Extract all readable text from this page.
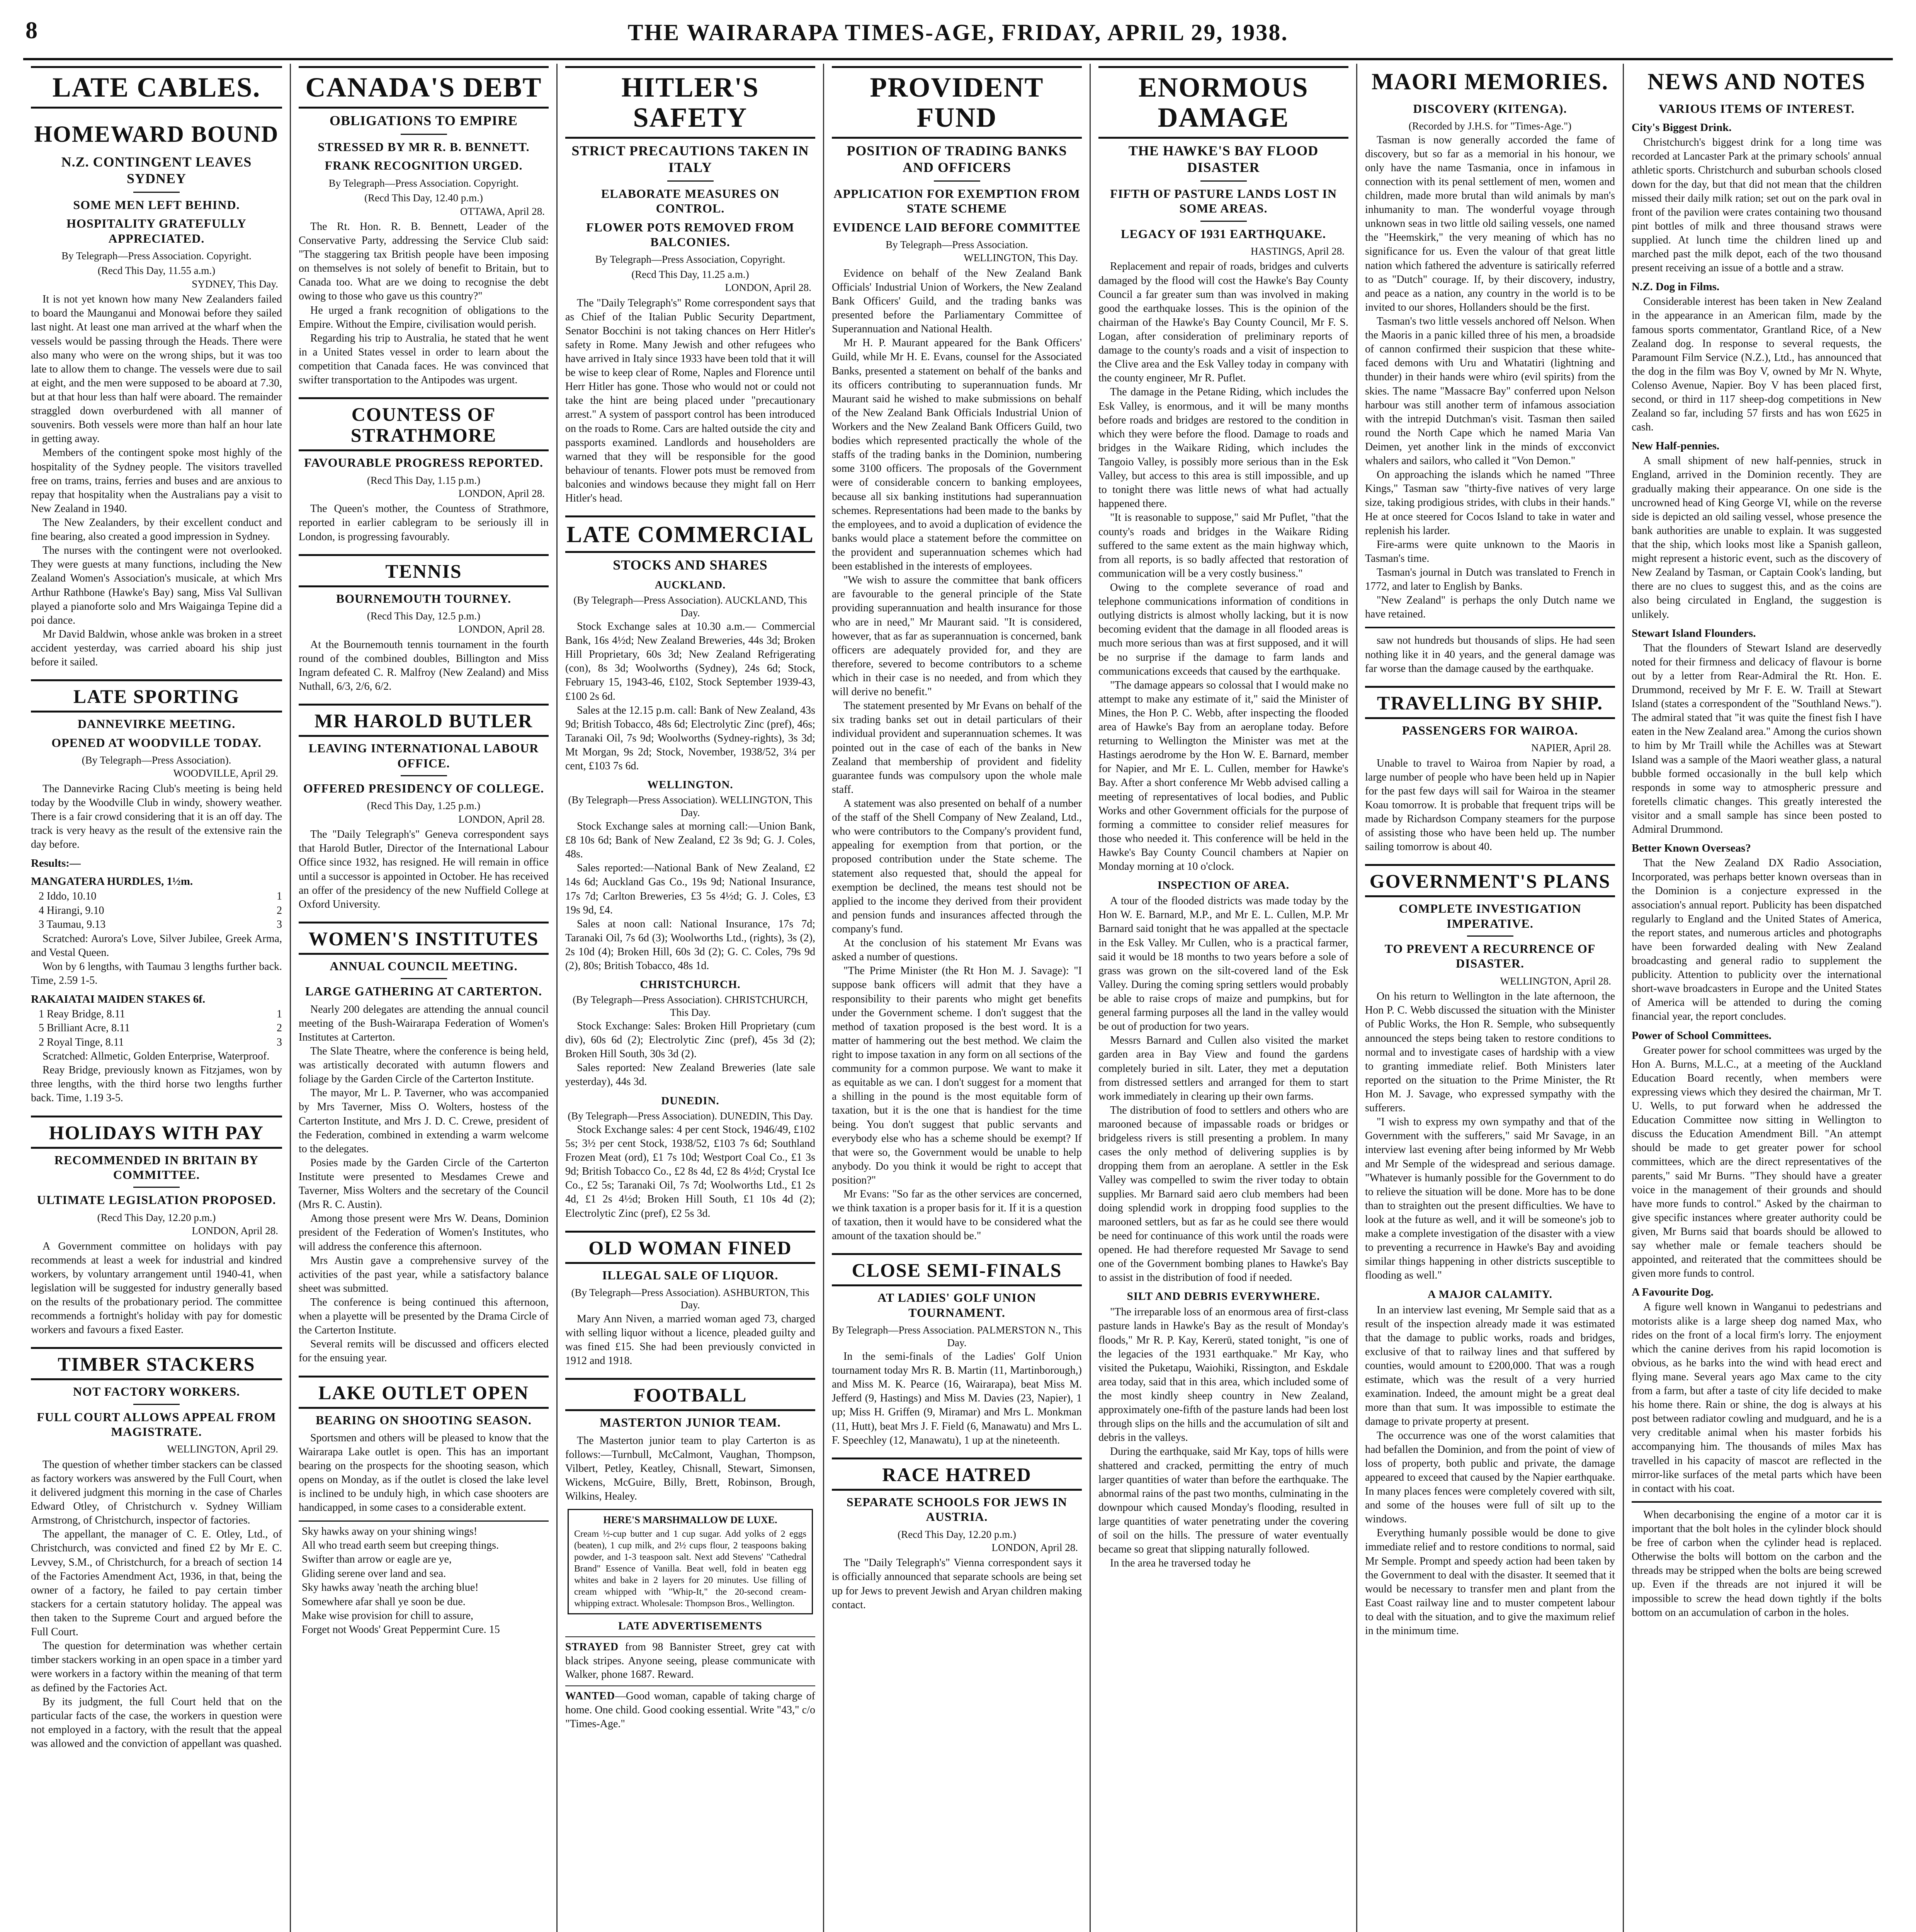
8	THE WAIRARAPA TIMES-AGE, FRIDAY, APRIL 29, 1938.
LATE CABLES.
HOMEWARD BOUND
N.Z. CONTINGENT LEAVES SYDNEY
SOME MEN LEFT BEHIND.
HOSPITALITY GRATEFULLY APPRECIATED.
By Telegraph—Press Association. Copyright.
(Recd This Day, 11.55 a.m.)
SYDNEY, This Day.

It is not yet known how many New Zealanders failed to board the Maunganui and Monowai before they sailed last night. At least one man arrived at the wharf when the vessels would be passing through the Heads. There were also many who were on the wrong ships, but it was too late to allow them to change. The vessels were due to sail at eight, and the men were supposed to be aboard at 7.30, but at that hour less than half were aboard. The remainder straggled down overburdened with all manner of souvenirs. Both vessels were more than half an hour late in getting away.

Members of the contingent spoke most highly of the hospitality of the Sydney people. The visitors travelled free on trams, trains, ferries and buses and are anxious to repay that hospitality when the Australians pay a visit to New Zealand in 1940.

The New Zealanders, by their excellent conduct and fine bearing, also created a good impression in Sydney.

The nurses with the contingent were not overlooked. They were guests at many functions, including the New Zealand Women's Association's musicale, at which Mrs Arthur Rathbone (Hawke's Bay) sang, Miss Val Sullivan played a pianoforte solo and Mrs Waigainga Tepine did a poi dance.

Mr David Baldwin, whose ankle was broken in a street accident yesterday, was carried aboard his ship just before it sailed.

LATE SPORTING
DANNEVIRKE MEETING.
OPENED AT WOODVILLE TODAY.
(By Telegraph—Press Association).
WOODVILLE, April 29.

The Dannevirke Racing Club's meeting is being held today by the Woodville Club in windy, showery weather. There is a fair crowd considering that it is an off day. The track is very heavy as the result of the extensive rain the day before.

Results:—
MANGATERA HURDLES, 1½m.
2 Iddo, 10.10	1
4 Hirangi, 9.10	2
3 Taumau, 9.13	3

Scratched: Aurora's Love, Silver Jubilee, Greek Arma, and Vestal Queen.

Won by 6 lengths, with Taumau 3 lengths further back. Time, 2.59 1-5.

RAKAIATAI MAIDEN STAKES 6f.
1 Reay Bridge, 8.11	1
5 Brilliant Acre, 8.11	2
2 Royal Tinge, 8.11	3

Scratched: Allmetic, Golden Enterprise, Waterproof.

Reay Bridge, previously known as Fitzjames, won by three lengths, with the third horse two lengths further back. Time, 1.19 3-5.

HOLIDAYS WITH PAY
RECOMMENDED IN BRITAIN BY COMMITTEE.
ULTIMATE LEGISLATION PROPOSED.
(Recd This Day, 12.20 p.m.)
LONDON, April 28.

A Government committee on holidays with pay recommends at least a week for industrial and kindred workers, by voluntary arrangement until 1940-41, when legislation will be suggested for industry generally based on the results of the probationary period. The committee recommends a fortnight's holiday with pay for domestic workers and favours a fixed Easter.

TIMBER STACKERS
NOT FACTORY WORKERS.
FULL COURT ALLOWS APPEAL FROM MAGISTRATE.
WELLINGTON, April 29.

The question of whether timber stackers can be classed as factory workers was answered by the Full Court, when it delivered judgment this morning in the case of Charles Edward Otley, of Christchurch v. Sydney William Armstrong, of Christchurch, inspector of factories.

The appellant, the manager of C. E. Otley, Ltd., of Christchurch, was convicted and fined £2 by Mr E. C. Levvey, S.M., of Christchurch, for a breach of section 14 of the Factories Amendment Act, 1936, in that, being the owner of a factory, he failed to pay certain timber stackers for a certain statutory holiday. The appeal was then taken to the Supreme Court and argued before the Full Court.

The question for determination was whether certain timber stackers working in an open space in a timber yard were workers in a factory within the meaning of that term as defined by the Factories Act.

By its judgment, the full Court held that on the particular facts of the case, the workers in question were not employed in a factory, with the result that the appeal was allowed and the conviction of appellant was quashed.

CANADA'S DEBT
OBLIGATIONS TO EMPIRE
STRESSED BY MR R. B. BENNETT.
FRANK RECOGNITION URGED.
By Telegraph—Press Association. Copyright.
(Recd This Day, 12.40 p.m.)
OTTAWA, April 28.

The Rt. Hon. R. B. Bennett, Leader of the Conservative Party, addressing the Service Club said: "The staggering tax British people have been imposing on themselves is not solely of benefit to Britain, but to Canada too. What are we doing to recognise the debt owing to those who gave us this country?"

He urged a frank recognition of obligations to the Empire. Without the Empire, civilisation would perish.

Regarding his trip to Australia, he stated that he went in a United States vessel in order to learn about the competition that Canada faces. He was convinced that swifter transportation to the Antipodes was urgent.

COUNTESS OF STRATHMORE
FAVOURABLE PROGRESS REPORTED.
(Recd This Day, 1.15 p.m.)
LONDON, April 28.

The Queen's mother, the Countess of Strathmore, reported in earlier cablegram to be seriously ill in London, is progressing favourably.

TENNIS
BOURNEMOUTH TOURNEY.
(Recd This Day, 12.5 p.m.)
LONDON, April 28.

At the Bournemouth tennis tournament in the fourth round of the combined doubles, Billington and Miss Ingram defeated C. R. Malfroy (New Zealand) and Miss Nuthall, 6/3, 2/6, 6/2.

MR HAROLD BUTLER
LEAVING INTERNATIONAL LABOUR OFFICE.
OFFERED PRESIDENCY OF COLLEGE.
(Recd This Day, 1.25 p.m.)
LONDON, April 28.

The "Daily Telegraph's" Geneva correspondent says that Harold Butler, Director of the International Labour Office since 1932, has resigned. He will remain in office until a successor is appointed in October. He has received an offer of the presidency of the new Nuffield College at Oxford University.

WOMEN'S INSTITUTES
ANNUAL COUNCIL MEETING.
LARGE GATHERING AT CARTERTON.

Nearly 200 delegates are attending the annual council meeting of the Bush-Wairarapa Federation of Women's Institutes at Carterton.

The Slate Theatre, where the conference is being held, was artistically decorated with autumn flowers and foliage by the Garden Circle of the Carterton Institute.

The mayor, Mr L. P. Taverner, who was accompanied by Mrs Taverner, Miss O. Wolters, hostess of the Carterton Institute, and Mrs J. D. C. Crewe, president of the Federation, combined in extending a warm welcome to the delegates.

Posies made by the Garden Circle of the Carterton Institute were presented to Mesdames Crewe and Taverner, Miss Wolters and the secretary of the Council (Mrs R. C. Austin).

Among those present were Mrs W. Deans, Dominion president of the Federation of Women's Institutes, who will address the conference this afternoon.

Mrs Austin gave a comprehensive survey of the activities of the past year, while a satisfactory balance sheet was submitted.

The conference is being continued this afternoon, when a playette will be presented by the Drama Circle of the Carterton Institute.

Several remits will be discussed and officers elected for the ensuing year.

LAKE OUTLET OPEN
BEARING ON SHOOTING SEASON.

Sportsmen and others will be pleased to know that the Wairarapa Lake outlet is open. This has an important bearing on the prospects for the shooting season, which opens on Monday, as if the outlet is closed the lake level is inclined to be unduly high, in which case shooters are handicapped, in some cases to a considerable extent.

Sky hawks away on your shining wings!
All who tread earth seem but creeping things.
Swifter than arrow or eagle are ye,
Gliding serene over land and sea.
Sky hawks away 'neath the arching blue!
Somewhere afar shall ye soon be due.
Make wise provision for chill to assure,
Forget not Woods' Great Peppermint Cure. 15
HITLER'S SAFETY
STRICT PRECAUTIONS TAKEN IN ITALY
ELABORATE MEASURES ON CONTROL.
FLOWER POTS REMOVED FROM BALCONIES.
By Telegraph—Press Association, Copyright.
(Recd This Day, 11.25 a.m.)
LONDON, April 28.

The "Daily Telegraph's" Rome correspondent says that as Chief of the Italian Public Security Department, Senator Bocchini is not taking chances on Herr Hitler's safety in Rome. Many Jewish and other refugees who have arrived in Italy since 1933 have been told that it will be wise to keep clear of Rome, Naples and Florence until Herr Hitler has gone. Those who would not or could not take the hint are being placed under "precautionary arrest." A system of passport control has been introduced on the roads to Rome. Cars are halted outside the city and passports examined. Landlords and householders are warned that they will be responsible for the good behaviour of tenants. Flower pots must be removed from balconies and windows because they might fall on Herr Hitler's head.

LATE COMMERCIAL
STOCKS AND SHARES
AUCKLAND.
(By Telegraph—Press Association). AUCKLAND, This Day.

Stock Exchange sales at 10.30 a.m.— Commercial Bank, 16s 4½d; New Zealand Breweries, 44s 3d; Broken Hill Proprietary, 60s 3d; New Zealand Refrigerating (con), 8s 3d; Woolworths (Sydney), 24s 6d; Stock, February 15, 1943-46, £102, Stock September 1939-43, £100 2s 6d.

Sales at the 12.15 p.m. call: Bank of New Zealand, 43s 9d; British Tobacco, 48s 6d; Electrolytic Zinc (pref), 46s; Taranaki Oil, 7s 9d; Woolworths (Sydney-rights), 3s 3d; Mt Morgan, 9s 2d; Stock, November, 1938/52, 3¼ per cent, £103 7s 6d.

WELLINGTON.
(By Telegraph—Press Association). WELLINGTON, This Day.

Stock Exchange sales at morning call:—Union Bank, £8 10s 6d; Bank of New Zealand, £2 3s 9d; G. J. Coles, 48s.

Sales reported:—National Bank of New Zealand, £2 14s 6d; Auckland Gas Co., 19s 9d; National Insurance, 17s 7d; Carlton Breweries, £3 5s 4½d; G. J. Coles, £3 19s 9d, £4.

Sales at noon call: National Insurance, 17s 7d; Taranaki Oil, 7s 6d (3); Woolworths Ltd., (rights), 3s (2), 2s 10d (4); Broken Hill, 60s 3d (2); G. C. Coles, 79s 9d (2), 80s; British Tobacco, 48s 1d.

CHRISTCHURCH.
(By Telegraph—Press Association). CHRISTCHURCH, This Day.

Stock Exchange: Sales: Broken Hill Proprietary (cum div), 60s 6d (2); Electrolytic Zinc (pref), 45s 3d (2); Broken Hill South, 30s 3d (2).

Sales reported: New Zealand Breweries (late sale yesterday), 44s 3d.

DUNEDIN.
(By Telegraph—Press Association). DUNEDIN, This Day.

Stock Exchange sales: 4 per cent Stock, 1946/49, £102 5s; 3½ per cent Stock, 1938/52, £103 7s 6d; Southland Frozen Meat (ord), £1 7s 10d; Westport Coal Co., £1 3s 9d; British Tobacco Co., £2 8s 4d, £2 8s 4½d; Crystal Ice Co., £2 5s; Taranaki Oil, 7s 7d; Woolworths Ltd., £1 2s 4d, £1 2s 4½d; Broken Hill South, £1 10s 4d (2); Electrolytic Zinc (pref), £2 5s 3d.

OLD WOMAN FINED
ILLEGAL SALE OF LIQUOR.
(By Telegraph—Press Association). ASHBURTON, This Day.

Mary Ann Niven, a married woman aged 73, charged with selling liquor without a licence, pleaded guilty and was fined £15. She had been previously convicted in 1912 and 1918.

FOOTBALL
MASTERTON JUNIOR TEAM.

The Masterton junior team to play Carterton is as follows:—Turnbull, McCalmont, Vaughan, Thompson, Vilbert, Petley, Keatley, Chisnall, Stewart, Simonsen, Wickens, McGuire, Billy, Brett, Robinson, Brough, Wilkins, Healey.

HERE'S MARSHMALLOW DE LUXE.
Cream ½-cup butter and 1 cup sugar. Add yolks of 2 eggs (beaten), 1 cup milk, and 2½ cups flour, 2 teaspoons baking powder, and 1-3 teaspoon salt. Next add Stevens' "Cathedral Brand" Essence of Vanilla. Beat well, fold in beaten egg whites and bake in 2 layers for 20 minutes. Use filling of cream whipped with "Whip-It," the 20-second cream-whipping extract. Wholesale: Thompson Bros., Wellington.
LATE ADVERTISEMENTS
STRAYED from 98 Bannister Street, grey cat with black stripes. Anyone seeing, please communicate with Walker, phone 1687. Reward.
WANTED—Good woman, capable of taking charge of home. One child. Good cooking essential. Write "43," c/o "Times-Age."
PROVIDENT FUND
POSITION OF TRADING BANKS AND OFFICERS
APPLICATION FOR EXEMPTION FROM STATE SCHEME
EVIDENCE LAID BEFORE COMMITTEE
By Telegraph—Press Association.
WELLINGTON, This Day.

Evidence on behalf of the New Zealand Bank Officials' Industrial Union of Workers, the New Zealand Bank Officers' Guild, and the trading banks was presented before the Parliamentary Committee of Superannuation and National Health.

Mr H. P. Maurant appeared for the Bank Officers' Guild, while Mr H. E. Evans, counsel for the Associated Banks, presented a statement on behalf of the banks and its officers contributing to superannuation funds. Mr Maurant said he wished to make submissions on behalf of the New Zealand Bank Officials Industrial Union of Workers and the New Zealand Bank Officers Guild, two bodies which represented practically the whole of the staffs of the trading banks in the Dominion, numbering some 3100 officers. The proposals of the Government were of considerable concern to banking employees, because all six banking institutions had superannuation schemes. Representations had been made to the banks by the employees, and to avoid a duplication of evidence the banks would place a statement before the committee on the provident and superannuation schemes which had been established in the interests of employees.

"We wish to assure the committee that bank officers are favourable to the general principle of the State providing superannuation and health insurance for those who are in need," Mr Maurant said. "It is considered, however, that as far as superannuation is concerned, bank officers are adequately provided for, and they are therefore, severed to become contributors to a scheme which in their case is no needed, and from which they will derive no benefit."

The statement presented by Mr Evans on behalf of the six trading banks set out in detail particulars of their individual provident and superannuation schemes. It was pointed out in the case of each of the banks in New Zealand that membership of provident and fidelity guarantee funds was compulsory upon the whole male staff.

A statement was also presented on behalf of a number of the staff of the Shell Company of New Zealand, Ltd., who were contributors to the Company's provident fund, appealing for exemption from that portion, or the proposed contribution under the State scheme. The statement also requested that, should the appeal for exemption be declined, the means test should not be applied to the income they derived from their provident and pension funds and insurances affected through the company's fund.

At the conclusion of his statement Mr Evans was asked a number of questions.

"The Prime Minister (the Rt Hon M. J. Savage): "I suppose bank officers will admit that they have a responsibility to their parents who might get benefits under the Government scheme. I don't suggest that the method of taxation proposed is the best word. It is a matter of hammering out the best method. We claim the right to impose taxation in any form on all sections of the community for a common purpose. We want to make it as equitable as we can. I don't suggest for a moment that a shilling in the pound is the most equitable form of taxation, but it is the one that is handiest for the time being. You don't suggest that public servants and everybody else who has a scheme should be exempt? If that were so, the Government would be unable to help anybody. Do you think it would be right to accept that position?"

Mr Evans: "So far as the other services are concerned, we think taxation is a proper basis for it. If it is a question of taxation, then it would have to be considered what the amount of the taxation should be."

CLOSE SEMI-FINALS
AT LADIES' GOLF UNION TOURNAMENT.
By Telegraph—Press Association. PALMERSTON N., This Day.

In the semi-finals of the Ladies' Golf Union tournament today Mrs R. B. Martin (11, Martinborough,) and Miss M. K. Pearce (16, Wairarapa), beat Miss M. Jefferd (9, Hastings) and Miss M. Davies (23, Napier), 1 up; Miss H. Griffen (9, Miramar) and Mrs L. Monkman (11, Hutt), beat Mrs J. F. Field (6, Manawatu) and Mrs L. F. Speechley (12, Manawatu), 1 up at the nineteenth.

RACE HATRED
SEPARATE SCHOOLS FOR JEWS IN AUSTRIA.
(Recd This Day, 12.20 p.m.)
LONDON, April 28.

The "Daily Telegraph's" Vienna correspondent says it is officially announced that separate schools are being set up for Jews to prevent Jewish and Aryan children making contact.

ENORMOUS DAMAGE
THE HAWKE'S BAY FLOOD DISASTER
FIFTH OF PASTURE LANDS LOST IN SOME AREAS.
LEGACY OF 1931 EARTHQUAKE.
HASTINGS, April 28.

Replacement and repair of roads, bridges and culverts damaged by the flood will cost the Hawke's Bay County Council a far greater sum than was involved in making good the earthquake losses. This is the opinion of the chairman of the Hawke's Bay County Council, Mr F. S. Logan, after consideration of preliminary reports of damage to the county's roads and a visit of inspection to the Clive area and the Esk Valley today in company with the county engineer, Mr R. Puflet.

The damage in the Petane Riding, which includes the Esk Valley, is enormous, and it will be many months before roads and bridges are restored to the condition in which they were before the flood. Damage to roads and bridges in the Waikare Riding, which includes the Tangoio Valley, is possibly more serious than in the Esk Valley, but access to this area is still impossible, and up to tonight there was little news of what had actually happened there.

"It is reasonable to suppose," said Mr Puflet, "that the county's roads and bridges in the Waikare Riding suffered to the same extent as the main highway which, from all reports, is so badly affected that restoration of communication will be a very costly business."

Owing to the complete severance of road and telephone communications information of conditions in outlying districts is almost wholly lacking, but it is now becoming evident that the damage in all flooded areas is much more serious than was at first supposed, and it will be no surprise if the damage to farm lands and communications exceeds that caused by the earthquake.

"The damage appears so colossal that I would make no attempt to make any estimate of it," said the Minister of Mines, the Hon P. C. Webb, after inspecting the flooded area of Hawke's Bay from an aeroplane today. Before returning to Wellington the Minister was met at the Hastings aerodrome by the Hon W. E. Barnard, member for Napier, and Mr E. L. Cullen, member for Hawke's Bay. After a short conference Mr Webb advised calling a meeting of representatives of local bodies, and Public Works and other Government officials for the purpose of forming a committee to consider relief measures for those who needed it. This conference will be held in the Hawke's Bay County Council chambers at Napier on Monday morning at 10 o'clock.

INSPECTION OF AREA.

A tour of the flooded districts was made today by the Hon W. E. Barnard, M.P., and Mr E. L. Cullen, M.P. Mr Barnard said tonight that he was appalled at the spectacle in the Esk Valley. Mr Cullen, who is a practical farmer, said it would be 18 months to two years before a sole of grass was grown on the silt-covered land of the Esk Valley. During the coming spring settlers would probably be able to raise crops of maize and pumpkins, but for general farming purposes all the land in the valley would be out of production for two years.

Messrs Barnard and Cullen also visited the market garden area in Bay View and found the gardens completely buried in silt. Later, they met a deputation from distressed settlers and arranged for them to start work immediately in clearing up their own farms.

The distribution of food to settlers and others who are marooned because of impassable roads or bridges or bridgeless rivers is still presenting a problem. In many cases the only method of delivering supplies is by dropping them from an aeroplane. A settler in the Esk Valley was compelled to swim the river today to obtain supplies. Mr Barnard said aero club members had been doing splendid work in dropping food supplies to the marooned settlers, but as far as he could see there would be need for continuance of this work until the roads were opened. He had therefore requested Mr Savage to send one of the Government bombing planes to Hawke's Bay to assist in the distribution of food if needed.

SILT AND DEBRIS EVERYWHERE.

"The irreparable loss of an enormous area of first-class pasture lands in Hawke's Bay as the result of Monday's floods," Mr R. P. Kay, Kererū, stated tonight, "is one of the legacies of the 1931 earthquake." Mr Kay, who visited the Puketapu, Waiohiki, Rissington, and Eskdale area today, said that in this area, which included some of the most kindly sheep country in New Zealand, approximately one-fifth of the pasture lands had been lost through slips on the hills and the accumulation of silt and debris in the valleys.

During the earthquake, said Mr Kay, tops of hills were shattered and cracked, permitting the entry of much larger quantities of water than before the earthquake. The abnormal rains of the past two months, culminating in the downpour which caused Monday's flooding, resulted in large quantities of water penetrating under the covering of soil on the hills. The pressure of water eventually became so great that slipping naturally followed.

In the area he traversed today he

MAORI MEMORIES.
DISCOVERY (KITENGA).
(Recorded by J.H.S. for "Times-Age.")

Tasman is now generally accorded the fame of discovery, but so far as a memorial in his honour, we only have the name Tasmania, once in infamous in connection with its penal settlement of men, women and children, made more brutal than wild animals by man's inhumanity to man. The wonderful voyage through unknown seas in two little old sailing vessels, one named the "Heemskirk," the very meaning of which has no significance for us. Even the valour of that great little nation which fathered the adventure is satirically referred to as "Dutch" courage. If, by their discovery, industry, and peace as a nation, any country in the world is to be invited to our shores, Hollanders should be the first.

Tasman's two little vessels anchored off Nelson. When the Maoris in a panic killed three of his men, a broadside of cannon confirmed their suspicion that these white-faced demons with Uru and Whatatiri (lightning and thunder) in their hands were whiro (evil spirits) from the skies. The name "Massacre Bay" conferred upon Nelson harbour was still another term of infamous association with the intrepid Dutchman's visit. Tasman then sailed round the North Cape which he named Maria Van Deimen, yet another link in the minds of excconvict whalers and sailors, who called it "Von Demon."

On approaching the islands which he named "Three Kings," Tasman saw "thirty-five natives of very large size, taking prodigious strides, with clubs in their hands." He at once steered for Cocos Island to take in water and replenish his larder.

Fire-arms were quite unknown to the Maoris in Tasman's time.

Tasman's journal in Dutch was translated to French in 1772, and later to English by Banks.

"New Zealand" is perhaps the only Dutch name we have retained.

saw not hundreds but thousands of slips. He had seen nothing like it in 40 years, and the general damage was far worse than the damage caused by the earthquake.

TRAVELLING BY SHIP.
PASSENGERS FOR WAIROA.
NAPIER, April 28.

Unable to travel to Wairoa from Napier by road, a large number of people who have been held up in Napier for the past few days will sail for Wairoa in the steamer Koau tomorrow. It is probable that frequent trips will be made by Richardson Company steamers for the purpose of assisting those who have been held up. The number sailing tomorrow is about 40.

GOVERNMENT'S PLANS
COMPLETE INVESTIGATION IMPERATIVE.
TO PREVENT A RECURRENCE OF DISASTER.
WELLINGTON, April 28.

On his return to Wellington in the late afternoon, the Hon P. C. Webb discussed the situation with the Minister of Public Works, the Hon R. Semple, who subsequently announced the steps being taken to restore conditions to normal and to investigate cases of hardship with a view to granting immediate relief. Both Ministers later reported on the situation to the Prime Minister, the Rt Hon M. J. Savage, who expressed sympathy with the sufferers.

"I wish to express my own sympathy and that of the Government with the sufferers," said Mr Savage, in an interview last evening after being informed by Mr Webb and Mr Semple of the widespread and serious damage. "Whatever is humanly possible for the Government to do to relieve the situation will be done. More has to be done than to straighten out the present difficulties. We have to look at the future as well, and it will be someone's job to make a complete investigation of the disaster with a view to preventing a recurrence in Hawke's Bay and avoiding similar things happening in other districts susceptible to flooding as well."

A MAJOR CALAMITY.

In an interview last evening, Mr Semple said that as a result of the inspection already made it was estimated that the damage to public works, roads and bridges, exclusive of that to railway lines and that suffered by counties, would amount to £200,000. That was a rough estimate, which was the result of a very hurried examination. Indeed, the amount might be a great deal more than that sum. It was impossible to estimate the damage to private property at present.

The occurrence was one of the worst calamities that had befallen the Dominion, and from the point of view of loss of property, both public and private, the damage appeared to exceed that caused by the Napier earthquake. In many places fences were completely covered with silt, and some of the houses were full of silt up to the windows.

Everything humanly possible would be done to give immediate relief and to restore conditions to normal, said Mr Semple. Prompt and speedy action had been taken by the Government to deal with the disaster. It seemed that it would be necessary to transfer men and plant from the East Coast railway line and to muster competent labour to deal with the situation, and to give the maximum relief in the minimum time.

NEWS AND NOTES
VARIOUS ITEMS OF INTEREST.
City's Biggest Drink.

Christchurch's biggest drink for a long time was recorded at Lancaster Park at the primary schools' annual athletic sports. Christchurch and suburban schools closed down for the day, but that did not mean that the children missed their daily milk ration; set out on the park oval in front of the pavilion were crates containing two thousand pint bottles of milk and three thousand straws were supplied. At lunch time the children lined up and marched past the milk depot, each of the two thousand present receiving an issue of a bottle and a straw.

N.Z. Dog in Films.

Considerable interest has been taken in New Zealand in the appearance in an American film, made by the famous sports commentator, Grantland Rice, of a New Zealand dog. In response to several requests, the Paramount Film Service (N.Z.), Ltd., has announced that the dog in the film was Boy V, owned by Mr N. Whyte, Colenso Avenue, Napier. Boy V has been placed first, second, or third in 117 sheep-dog competitions in New Zealand so far, including 57 firsts and has won £625 in cash.

New Half-pennies.

A small shipment of new half-pennies, struck in England, arrived in the Dominion recently. They are gradually making their appearance. On one side is the uncrowned head of King George VI, while on the reverse side is depicted an old sailing vessel, whose presence the bank authorities are unable to explain. It was suggested that the ship, which looks most like a Spanish galleon, might represent a historic event, such as the discovery of New Zealand by Tasman, or Captain Cook's landing, but there are no clues to suggest this, and as the coins are also being circulated in England, the suggestion is unlikely.

Stewart Island Flounders.

That the flounders of Stewart Island are deservedly noted for their firmness and delicacy of flavour is borne out by a letter from Rear-Admiral the Rt. Hon. E. Drummond, received by Mr F. E. W. Traill at Stewart Island (states a correspondent of the "Southland News."). The admiral stated that "it was quite the finest fish I have eaten in the New Zealand area." Among the curios shown to him by Mr Traill while the Achilles was at Stewart Island was a sample of the Maori weather glass, a natural bubble formed occasionally in the bull kelp which responds in some way to atmospheric pressure and foretells climatic changes. This greatly interested the visitor and a small sample has since been posted to Admiral Drummond.

Better Known Overseas?

That the New Zealand DX Radio Association, Incorporated, was perhaps better known overseas than in the Dominion is a conjecture expressed in the association's annual report. Publicity has been dispatched regularly to England and the United States of America, the report states, and numerous articles and photographs have been forwarded dealing with New Zealand broadcasting and general radio to supplement the publicity. Attention to publicity over the international short-wave broadcasters in Europe and the United States of America will be attended to during the coming financial year, the report concludes.

Power of School Committees.

Greater power for school committees was urged by the Hon A. Burns, M.L.C., at a meeting of the Auckland Education Board recently, when members were expressing views which they desired the chairman, Mr T. U. Wells, to put forward when he addressed the Education Committee now sitting in Wellington to discuss the Education Amendment Bill. "An attempt should be made to get greater power for school committees, which are the direct representatives of the parents," said Mr Burns. "They should have a greater voice in the management of their grounds and should have more funds to control." Asked by the chairman to give specific instances where greater authority could be given, Mr Burns said that boards should be allowed to say whether male or female teachers should be appointed, and reiterated that the committees should be given more funds to control.

A Favourite Dog.

A figure well known in Wanganui to pedestrians and motorists alike is a large sheep dog named Max, who rides on the front of a local firm's lorry. The enjoyment which the canine derives from his rapid locomotion is obvious, as he barks into the wind with head erect and flying mane. Several years ago Max came to the city from a farm, but after a taste of city life decided to make his home there. Rain or shine, the dog is always at his post between radiator cowling and mudguard, and he is a very creditable animal when his master forbids his accompanying him. The thousands of miles Max has travelled in his capacity of mascot are reflected in the mirror-like surfaces of the metal parts which have been in contact with his coat.

When decarbonising the engine of a motor car it is important that the bolt holes in the cylinder block should be free of carbon when the cylinder head is replaced. Otherwise the bolts will bottom on the carbon and the threads may be stripped when the bolts are being screwed up. Even if the threads are not injured it will be impossible to screw the head down tightly if the bolts bottom on an accumulation of carbon in the holes.
